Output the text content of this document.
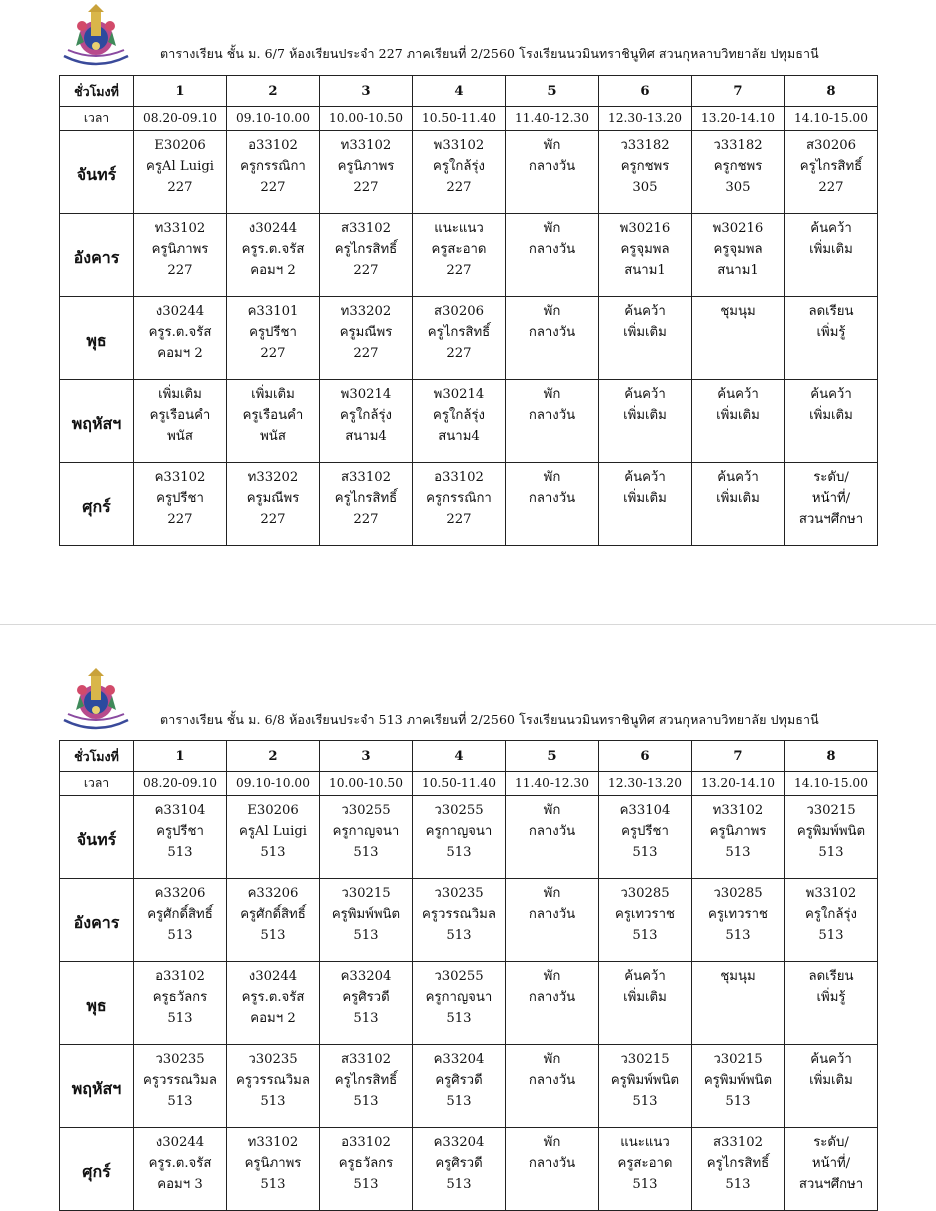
ตารางเรียน ชั้น ม. 6/7 ห้องเรียนประจำ 227 ภาคเรียนที่ 2/2560 โรงเรียนนวมินทราชินูทิศ สวนกุหลาบวิทยาลัย ปทุมธานี
ชั่วโมงที่	1	2	3	4	5	6	7	8
เวลา	08.20-09.10	09.10-10.00	10.00-10.50	10.50-11.40	11.40-12.30	12.30-13.20	13.20-14.10	14.10-15.00
จันทร์	E30206
ครูAl Luigi
227	อ33102
ครูกรรณิกา
227	ท33102
ครูนิภาพร
227	พ33102
ครูใกล้รุ่ง
227	พัก
กลางวัน	ว33182
ครูกชพร
305	ว33182
ครูกชพร
305	ส30206
ครูไกรสิทธิ์
227

อังคาร	ท33102
ครูนิภาพร
227	ง30244
ครูร.ต.จรัส
คอมฯ 2	ส33102
ครูไกรสิทธิ์
227	แนะแนว
ครูสะอาด
227	พัก
กลางวัน	พ30216
ครูจุมพล
สนาม1	พ30216
ครูจุมพล
สนาม1	ค้นคว้า
เพิ่มเติม

พุธ	ง30244
ครูร.ต.จรัส
คอมฯ 2	ค33101
ครูปรีชา
227	ท33202
ครูมณีพร
227	ส30206
ครูไกรสิทธิ์
227	พัก
กลางวัน	ค้นคว้า
เพิ่มเติม	ชุมนุม	ลดเรียน
เพิ่มรู้

พฤหัสฯ	เพิ่มเติม
ครูเรือนคำ
พนัส	เพิ่มเติม
ครูเรือนคำ
พนัส	พ30214
ครูใกล้รุ่ง
สนาม4	พ30214
ครูใกล้รุ่ง
สนาม4	พัก
กลางวัน	ค้นคว้า
เพิ่มเติม	ค้นคว้า
เพิ่มเติม	ค้นคว้า
เพิ่มเติม

ศุกร์	ค33102
ครูปรีชา
227	ท33202
ครูมณีพร
227	ส33102
ครูไกรสิทธิ์
227	อ33102
ครูกรรณิกา
227	พัก
กลางวัน	ค้นคว้า
เพิ่มเติม	ค้นคว้า
เพิ่มเติม	ระดับ/
หน้าที่/
สวนฯศึกษา
ตารางเรียน ชั้น ม. 6/8 ห้องเรียนประจำ 513 ภาคเรียนที่ 2/2560 โรงเรียนนวมินทราชินูทิศ สวนกุหลาบวิทยาลัย ปทุมธานี
ชั่วโมงที่	1	2	3	4	5	6	7	8
เวลา	08.20-09.10	09.10-10.00	10.00-10.50	10.50-11.40	11.40-12.30	12.30-13.20	13.20-14.10	14.10-15.00
จันทร์	ค33104
ครูปรีชา
513	E30206
ครูAl Luigi
513	ว30255
ครูกาญจนา
513	ว30255
ครูกาญจนา
513	พัก
กลางวัน	ค33104
ครูปรีชา
513	ท33102
ครูนิภาพร
513	ว30215
ครูพิมพ์พนิต
513

อังคาร	ค33206
ครูศักดิ์สิทธิ์
513	ค33206
ครูศักดิ์สิทธิ์
513	ว30215
ครูพิมพ์พนิต
513	ว30235
ครูวรรณวิมล
513	พัก
กลางวัน	ว30285
ครูเทวราช
513	ว30285
ครูเทวราช
513	พ33102
ครูใกล้รุ่ง
513

พุธ	อ33102
ครูธวัลกร
513	ง30244
ครูร.ต.จรัส
คอมฯ 2	ค33204
ครูศิรวดี
513	ว30255
ครูกาญจนา
513	พัก
กลางวัน	ค้นคว้า
เพิ่มเติม	ชุมนุม	ลดเรียน
เพิ่มรู้

พฤหัสฯ	ว30235
ครูวรรณวิมล
513	ว30235
ครูวรรณวิมล
513	ส33102
ครูไกรสิทธิ์
513	ค33204
ครูศิรวดี
513	พัก
กลางวัน	ว30215
ครูพิมพ์พนิต
513	ว30215
ครูพิมพ์พนิต
513	ค้นคว้า
เพิ่มเติม

ศุกร์	ง30244
ครูร.ต.จรัส
คอมฯ 3	ท33102
ครูนิภาพร
513	อ33102
ครูธวัลกร
513	ค33204
ครูศิรวดี
513	พัก
กลางวัน	แนะแนว
ครูสะอาด
513	ส33102
ครูไกรสิทธิ์
513	ระดับ/
หน้าที่/
สวนฯศึกษา
